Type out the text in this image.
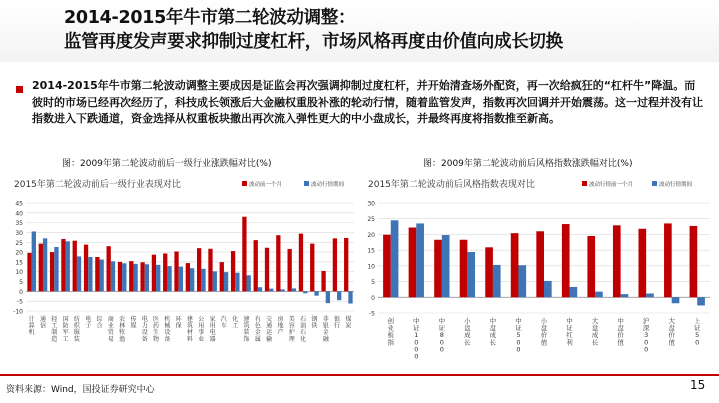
2014-2015年牛市第二轮波动调整：
监管再度发声要求抑制过度杠杆，市场风格再度由价值向成长切换
2014-2015年牛市第二轮波动调整主要成因是证监会再次强调抑制过度杠杆，并开始清查场外配资，再一次给疯狂的“杠杆牛”降温。而彼时的市场已经再次经历了，科技成长领涨后大金融权重股补涨的轮动行情，随着监管发声，指数再次回调并开始震荡。这一过程并没有让指数进入下跌通道，资金选择从权重板块撤出再次流入弹性更大的中小盘成长，并最终再度将指数推至新高。
图：2009年第二轮波动前后一级行业涨跌幅对比(%)	图：2009年第二轮波动前后风格指数涨跌幅对比(%)
2015年第二轮波动前后一级行业表现对比	波动前一个月	波动行情期间
-10
-5
0
5
10
15
20
25
30
35
40
45
计算机
通信
轻工制造
国防军工
纺织服装
电子
综合
商业贸易
农林牧渔
传媒
电力设备
医药生物
机械设备
环保
建筑材料
公用事业
家用电器
汽车
化工
建筑装饰
有色金属
交通运输
房地产
美容护理
石油石化
钢铁
非银金融
银行
煤炭
2015年第二轮波动前后风格指数表现对比	波动行情前一个月	波动行情期间
-5
0
5
10
15
20
25
30
创业板指
中证 1 0 0 0
中证 8 0 0
小盘成长
中盘成长
中证 5 0 0
小盘价值
中证红利
大盘成长
中盘价值
沪深 3 0 0
大盘价值
上证 5 0
资料来源：Wind，国投证券研究中心	15
